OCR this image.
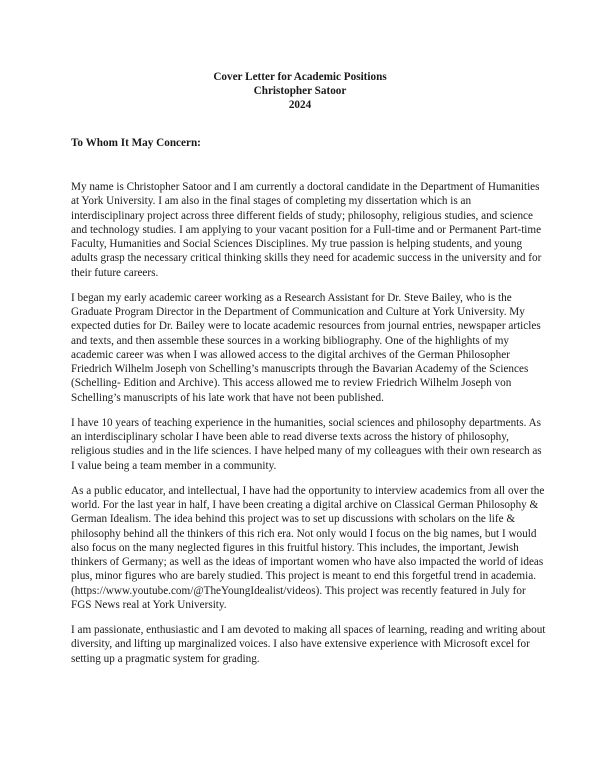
Cover Letter for Academic Positions
Christopher Satoor
2024
To Whom It May Concern:

My name is Christopher Satoor and I am currently a doctoral candidate in the Department of Humanities at York University. I am also in the final stages of completing my dissertation which is an interdisciplinary project across three different fields of study; philosophy, religious studies, and science and technology studies. I am applying to your vacant position for a Full-time and or Permanent Part-time Faculty, Humanities and Social Sciences Disciplines. My true passion is helping students, and young adults grasp the necessary critical thinking skills they need for academic success in the university and for their future careers.

I began my early academic career working as a Research Assistant for Dr. Steve Bailey, who is the Graduate Program Director in the Department of Communication and Culture at York University. My expected duties for Dr. Bailey were to locate academic resources from journal entries, newspaper articles and texts, and then assemble these sources in a working bibliography. One of the highlights of my academic career was when I was allowed access to the digital archives of the German Philosopher Friedrich Wilhelm Joseph von Schelling’s manuscripts through the Bavarian Academy of the Sciences (Schelling- Edition and Archive). This access allowed me to review Friedrich Wilhelm Joseph von Schelling’s manuscripts of his late work that have not been published.

I have 10 years of teaching experience in the humanities, social sciences and philosophy departments. As an interdisciplinary scholar I have been able to read diverse texts across the history of philosophy, religious studies and in the life sciences. I have helped many of my colleagues with their own research as I value being a team member in a community.

As a public educator, and intellectual, I have had the opportunity to interview academics from all over the world. For the last year in half, I have been creating a digital archive on Classical German Philosophy & German Idealism. The idea behind this project was to set up discussions with scholars on the life & philosophy behind all the thinkers of this rich era. Not only would I focus on the big names, but I would also focus on the many neglected figures in this fruitful history. This includes, the important, Jewish thinkers of Germany; as well as the ideas of important women who have also impacted the world of ideas plus, minor figures who are barely studied. This project is meant to end this forgetful trend in academia. (https://www.youtube.com/@TheYoungIdealist/videos). This project was recently featured in July for FGS News real at York University.

I am passionate, enthusiastic and I am devoted to making all spaces of learning, reading and writing about diversity, and lifting up marginalized voices. I also have extensive experience with Microsoft excel for setting up a pragmatic system for grading.
